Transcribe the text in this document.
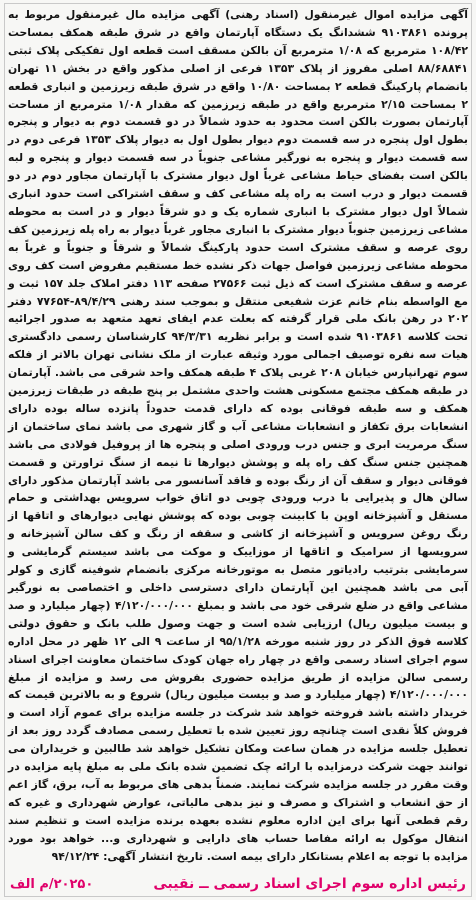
آگهی مزایده اموال غیرمنقول (اسناد رهنی) آگهی مزایده مال غیرمنقول مربوط به پرونده ۹۱۰۳۸۶۱ ششدانگ یک دستگاه آپارتمان واقع در شرق طبقه همکف بمساحت ۱۰۸/۴۲ مترمربع که ۱/۰۸ مترمربع آن بالکن مسقف است قطعه اول تفکیکی پلاک ثبتی ۸۸/۶۸۸۴۱ اصلی مفروز از پلاک ۱۳۵۳ فرعی از اصلی مذکور واقع در بخش ۱۱ تهران بانضمام پارکینگ قطعه ۲ بمساحت ۱۰/۸۰ واقع در شرق طبقه زیرزمین و انباری قطعه ۲ بمساحت ۲/۱۵ مترمربع واقع در طبقه زیرزمین که مقدار ۱/۰۸ مترمربع از مساحت آپارتمان بصورت بالکن است محدود به حدود شمالاً در دو قسمت دوم به دیوار و پنجره بطول اول پنجره در سه قسمت دوم دیوار بطول اول به دیوار پلاک ۱۳۵۳ فرعی دوم در سه قسمت دیوار و پنجره به نورگیر مشاعی جنوباً در سه قسمت دیوار و پنجره و لبه بالکن است بفضای حیاط مشاعی غرباً اول دیوار مشترک با آپارتمان مجاور دوم در دو قسمت دیوار و درب است به راه پله مشاعی کف و سقف اشتراکی است حدود انباری شمالاً اول دیوار مشترک با انباری شماره یک و دو شرقاً دیوار و در است به محوطه مشاعی زیرزمین جنوباً دیوار مشترک با انباری مجاور غرباً دیوار به راه پله زیرزمین کف روی عرصه و سقف مشترک است حدود پارکینگ شمالاً و شرقاً و جنوباً و غرباً به محوطه مشاعی زیرزمین فواصل جهات ذکر نشده خط مستقیم مفروض است کف روی عرصه و سقف مشترک است که ذیل ثبت ۲۷۵۶۶ صفحه ۱۱۳ دفتر املاک جلد ۱۵۷ ثبت و مع الواسطه بنام خانم عزت شفیعی منتقل و بموجب سند رهنی ۸۹/۴/۲۹-۷۷۶۵۴ دفتر ۲۰۲ در رهن بانک ملی قرار گرفته که بعلت عدم ایفای تعهد متعهد به صدور اجرائیه تحت کلاسه ۹۱۰۳۸۶۱ شده است و برابر نظریه ۹۴/۳/۳۱ کارشناسان رسمی دادگستری هیات سه نفره توصیف اجمالی مورد وثیقه عبارت از ملک نشانی تهران بالاتر از فلکه سوم تهرانپارس خیابان ۲۰۸ غربی پلاک ۴ طبقه همکف واحد شرقی می باشد. آپارتمان در طبقه همکف مجتمع مسکونی هشت واحدی مشتمل بر پنج طبقه در طبقات زیرزمین همکف و سه طبقه فوقانی بوده که دارای قدمت حدوداً پانزده ساله بوده دارای انشعابات برق تکفاز و انشعابات مشاعی آب و گاز شهری می باشد نمای ساختمان از سنگ مرمریت ابری و جنس درب ورودی اصلی و پنجره ها از پروفیل فولادی می باشد همچنین جنس سنگ کف راه پله و پوشش دیوارها تا نیمه از سنگ تراورتن و قسمت فوقانی دیوار و سقف آن از رنگ بوده و فاقد آسانسور می باشد آپارتمان مذکور دارای سالن هال و پذیرایی با درب ورودی چوبی دو اتاق خواب سرویس بهداشتی و حمام مستقل و آشپزخانه اوپن با کابینت چوبی بوده که پوشش نهایی دیوارهای و اتاقها از رنگ روغن سرویس و آشپزخانه از کاشی و سقفه از رنگ و کف سالن آشپزخانه و سرویسها از سرامیک و اتاقها از موزاییک و موکت می باشد سیستم گرمایشی و سرمایشی بترتیب رادیاتور متصل به موتورخانه مرکزی بانضمام شوفینه گازی و کولر آبی می باشد همچنین این آپارتمان دارای دسترسی داخلی و اختصاصی به نورگیر مشاعی واقع در ضلع شرقی خود می باشد و بمبلغ ۴/۱۲۰/۰۰۰/۰۰۰ (چهار میلیارد و صد و بیست میلیون ریال) ارزیابی شده است و جهت وصول طلب بانک و حقوق دولتی کلاسه فوق الذکر در روز شنبه مورخه ۹۵/۱/۲۸ از ساعت ۹ الی ۱۲ ظهر در محل اداره سوم اجرای اسناد رسمی واقع در چهار راه جهان کودک ساختمان معاونت اجرای اسناد رسمی سالن مزایده از طریق مزایده حضوری بفروش می رسد و مزایده از مبلغ ۴/۱۲۰/۰۰۰/۰۰۰ (چهار میلیارد و صد و بیست میلیون ریال) شروع و به بالاترین قیمت که خریدار داشته باشد فروخته خواهد شد شرکت در جلسه مزایده برای عموم آزاد است و فروش کلاً نقدی است چنانچه روز تعیین شده با تعطیل رسمی مصادف گردد روز بعد از تعطیل جلسه مزایده در همان ساعت ومکان تشکیل خواهد شد طالبین و خریداران می توانند جهت شرکت درمزایده با ارائه چک تضمین شده بانک ملی به مبلغ پایه مزایده در وقت مقرر در جلسه مزایده شرکت نمایند. ضمناً بدهی های مربوط به آب، برق، گاز اعم از حق انشعاب و اشتراک و مصرف و نیز بدهی مالیاتی، عوارض شهرداری و غیره که رقم قطعی آنها برای این اداره معلوم نشده بعهده برنده مزایده است و تنظیم سند انتقال موکول به ارائه مفاصا حساب های دارایی و شهرداری و... خواهد بود مورد مزایده با توجه به اعلام بستانکار دارای بیمه است. تاریخ انتشار آگهی: ۹۴/۱۲/۲۴

رئیس اداره سوم اجرای اسناد رسمی ــ نقیبی
۲۰۲۵۰/م الف
